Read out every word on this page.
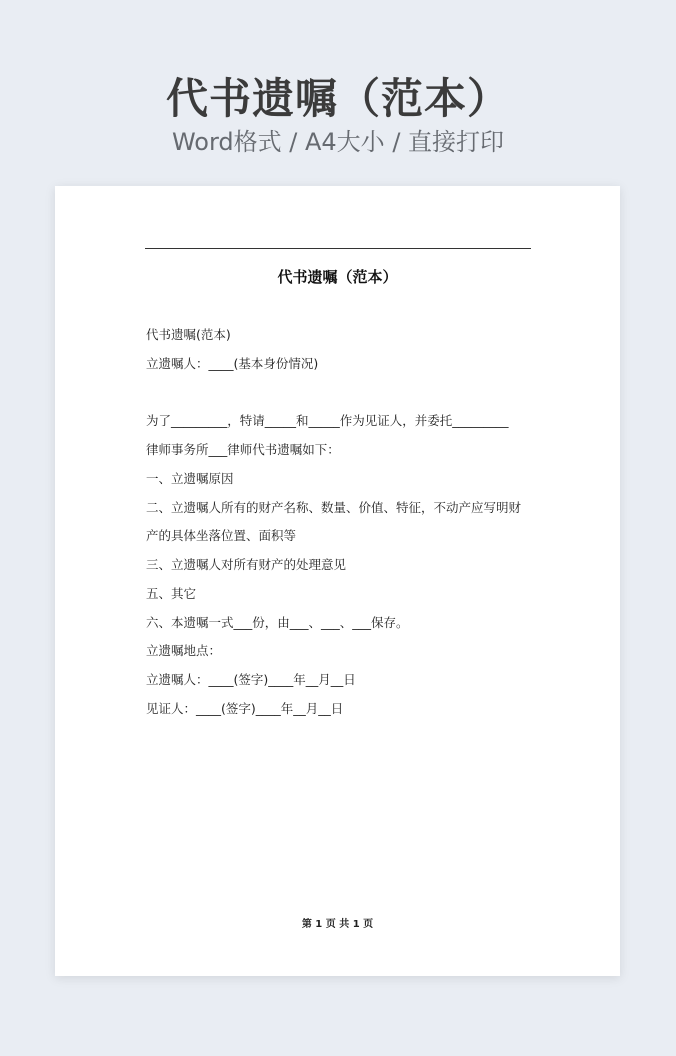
代书遗嘱（范本）
Word格式 / A4大小 / 直接打印
代书遗嘱（范本）
代书遗嘱(范本)
立遗嘱人：____(基本身份情况)
为了_________，特请_____和_____作为见证人，并委托_________
律师事务所___律师代书遗嘱如下：
一、立遗嘱原因
二、立遗嘱人所有的财产名称、数量、价值、特征，不动产应写明财
产的具体坐落位置、面积等
三、立遗嘱人对所有财产的处理意见
五、其它
六、本遗嘱一式___份，由___、___、___保存。
立遗嘱地点：
立遗嘱人：____(签字)____年__月__日
见证人：____(签字)____年__月__日
第 1 页 共 1 页
